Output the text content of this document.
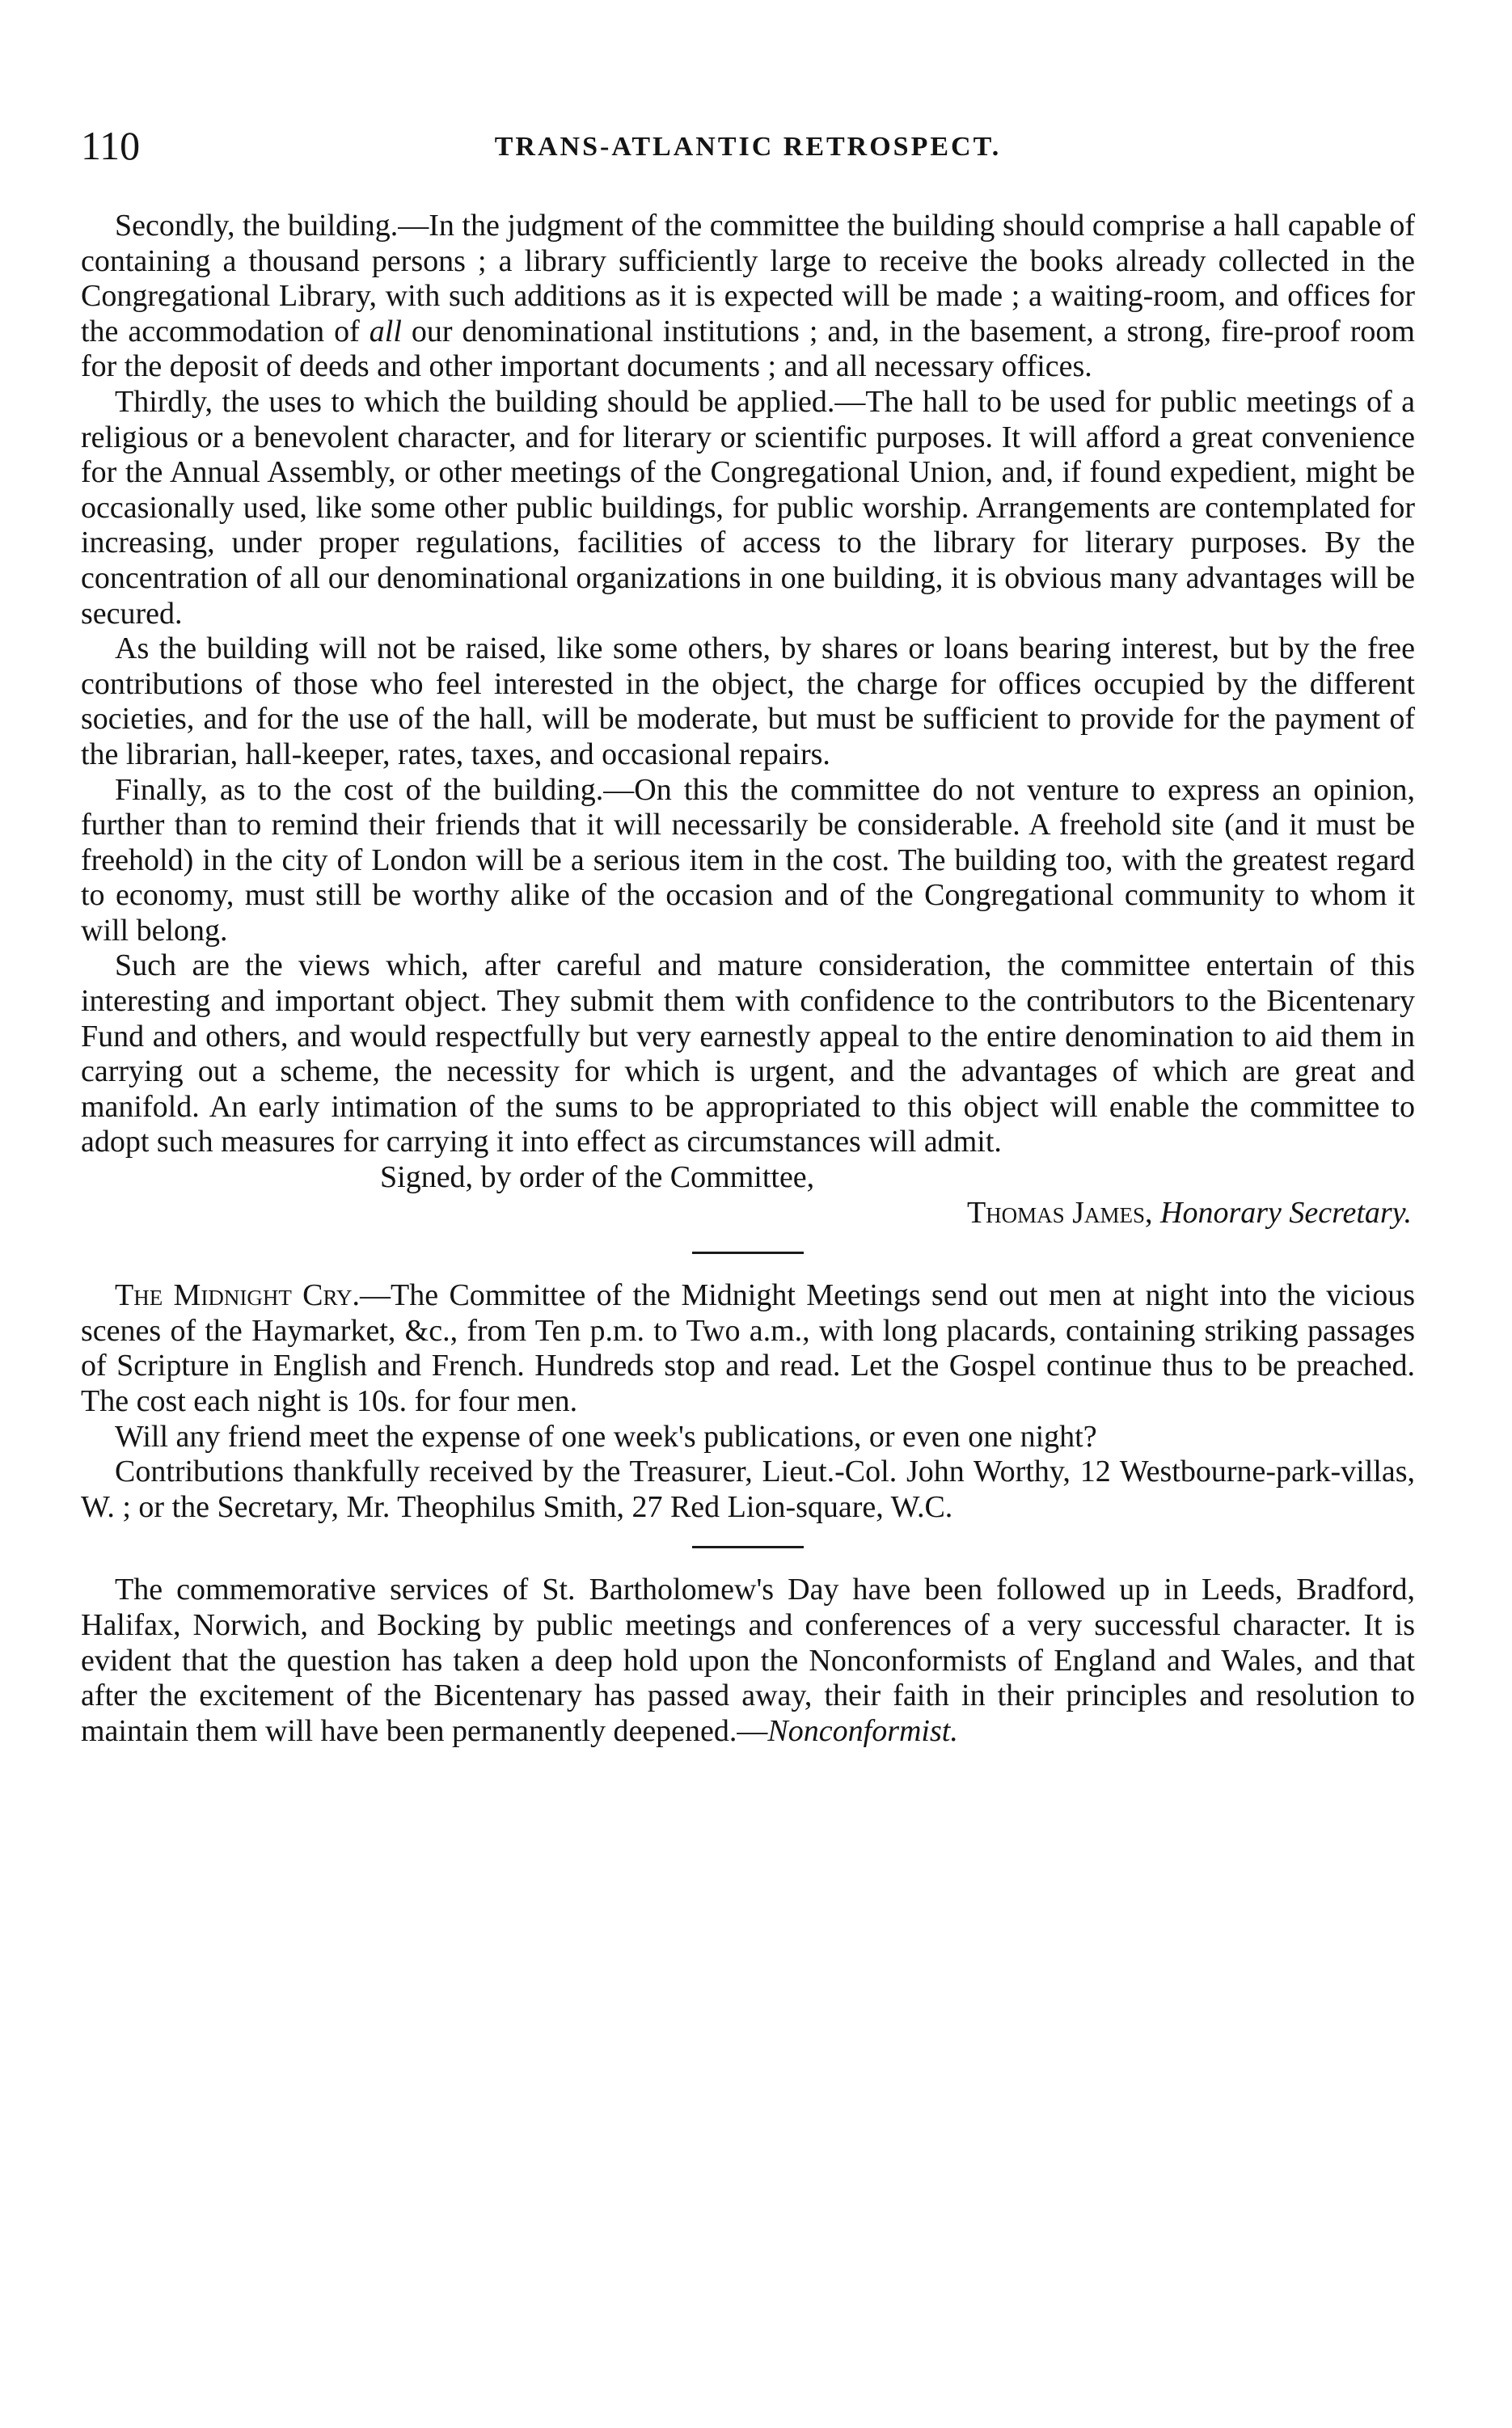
110	TRANS-ATLANTIC RETROSPECT.

Secondly, the building.—In the judgment of the committee the building should comprise a hall capable of containing a thousand persons ; a library sufficiently large to receive the books already collected in the Congregational Library, with such additions as it is expected will be made ; a waiting-room, and offices for the accommodation of all our denominational institutions ; and, in the basement, a strong, fire-proof room for the deposit of deeds and other important documents ; and all necessary offices.

Thirdly, the uses to which the building should be applied.—The hall to be used for public meetings of a religious or a benevolent character, and for literary or scientific purposes. It will afford a great convenience for the Annual Assembly, or other meetings of the Congregational Union, and, if found expedient, might be occasionally used, like some other public buildings, for public worship. Arrangements are contemplated for increasing, under proper regulations, facilities of access to the library for literary purposes. By the concentration of all our denominational organizations in one building, it is obvious many advantages will be secured.

As the building will not be raised, like some others, by shares or loans bearing interest, but by the free contributions of those who feel interested in the object, the charge for offices occupied by the different societies, and for the use of the hall, will be moderate, but must be sufficient to provide for the payment of the librarian, hall-keeper, rates, taxes, and occasional repairs.

Finally, as to the cost of the building.—On this the committee do not venture to express an opinion, further than to remind their friends that it will necessarily be considerable. A freehold site (and it must be freehold) in the city of London will be a serious item in the cost. The building too, with the greatest regard to economy, must still be worthy alike of the occasion and of the Congregational community to whom it will belong.

Such are the views which, after careful and mature consideration, the committee entertain of this interesting and important object. They submit them with confidence to the contributors to the Bicentenary Fund and others, and would respectfully but very earnestly appeal to the entire denomination to aid them in carrying out a scheme, the necessity for which is urgent, and the advantages of which are great and manifold. An early intimation of the sums to be appropriated to this object will enable the committee to adopt such measures for carrying it into effect as circumstances will admit.

Signed, by order of the Committee,

Thomas James, Honorary Secretary.

The Midnight Cry.—The Committee of the Midnight Meetings send out men at night into the vicious scenes of the Haymarket, &c., from Ten p.m. to Two a.m., with long placards, containing striking passages of Scripture in English and French. Hundreds stop and read. Let the Gospel continue thus to be preached. The cost each night is 10s. for four men.

Will any friend meet the expense of one week's publications, or even one night?

Contributions thankfully received by the Treasurer, Lieut.-Col. John Worthy, 12 Westbourne-park-villas, W. ; or the Secretary, Mr. Theophilus Smith, 27 Red Lion-square, W.C.

The commemorative services of St. Bartholomew's Day have been followed up in Leeds, Bradford, Halifax, Norwich, and Bocking by public meetings and conferences of a very successful character. It is evident that the question has taken a deep hold upon the Nonconformists of England and Wales, and that after the excitement of the Bicentenary has passed away, their faith in their principles and resolution to maintain them will have been permanently deepened.—Nonconformist.
